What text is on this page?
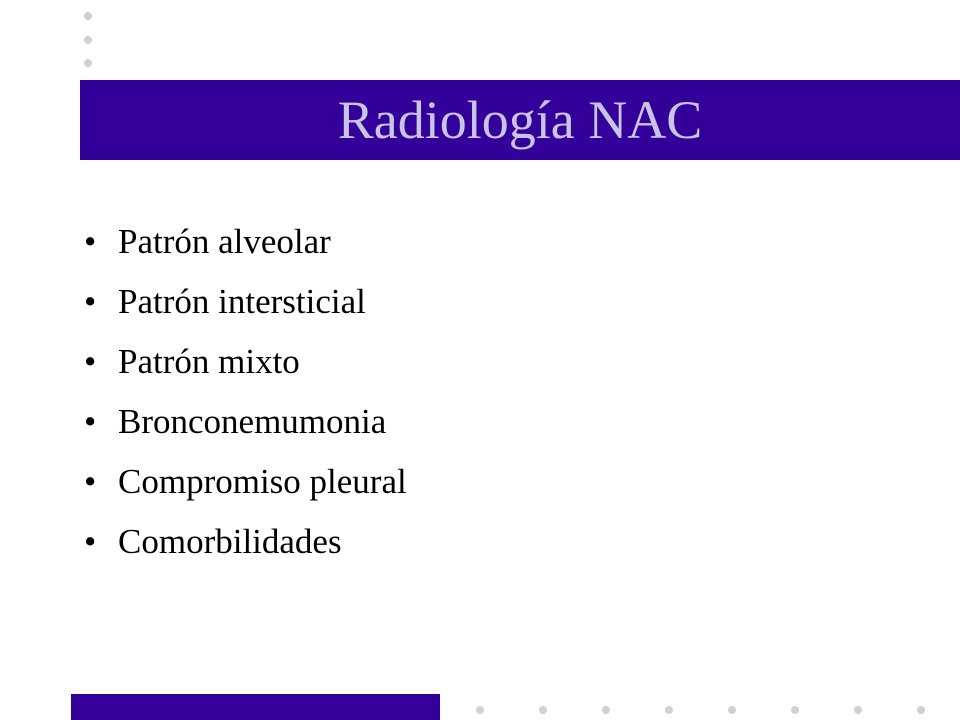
Radiología NAC
• Patrón alveolar
• Patrón intersticial
• Patrón mixto
• Bronconemumonia
• Compromiso pleural
• Comorbilidades
